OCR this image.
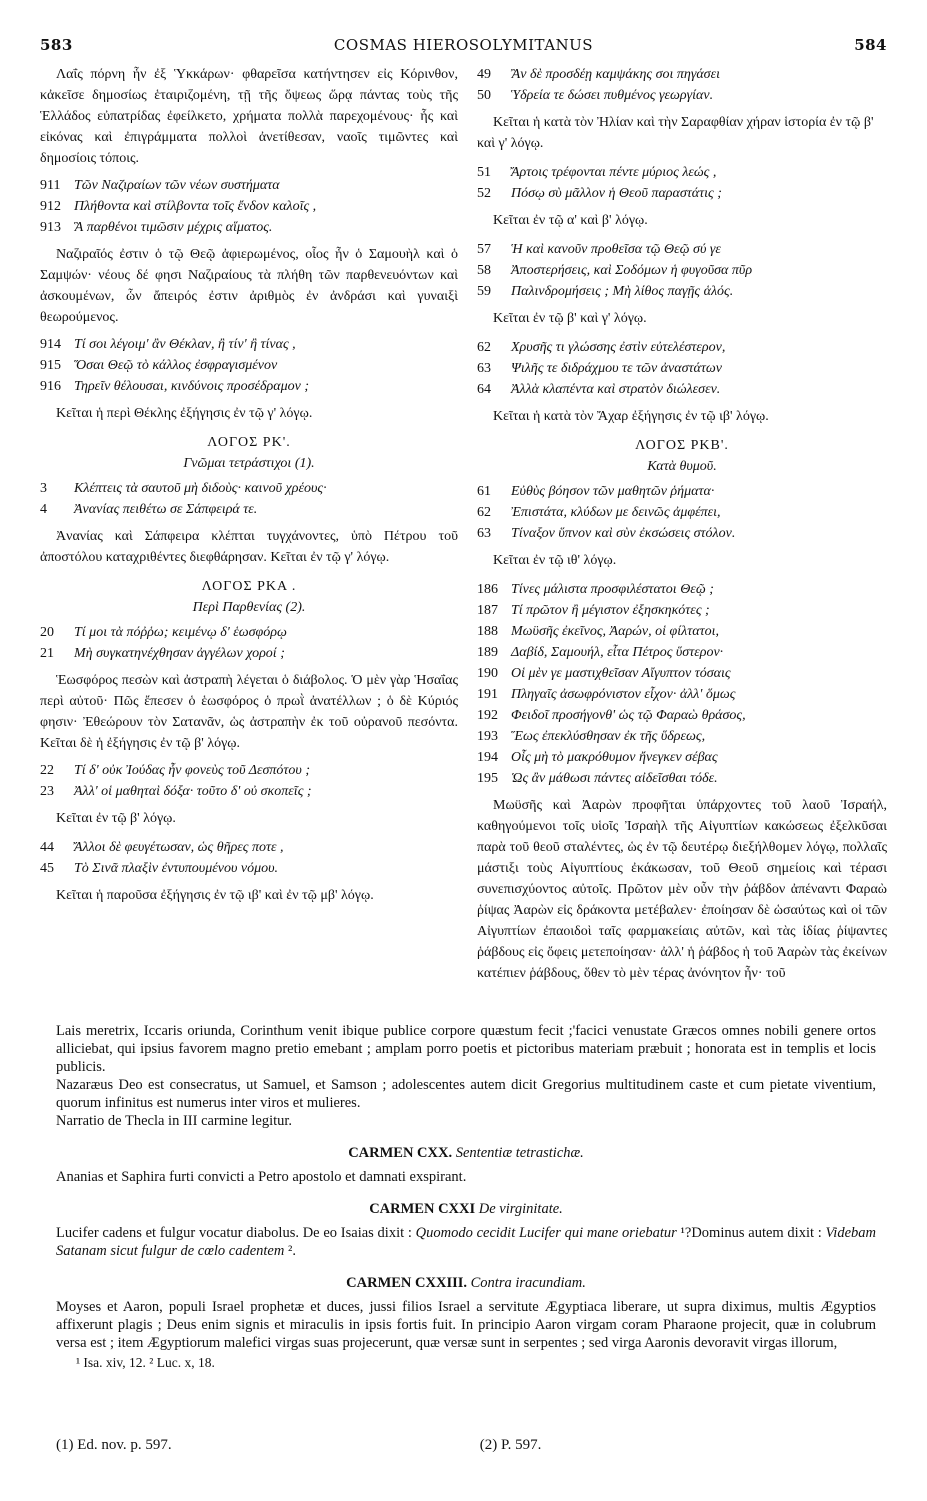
583	COSMAS HIEROSOLYMITANUS	584

Λαΐς πόρνη ἦν ἐξ Ὑκκάρων· φθαρεῖσα κατήντησεν εἰς Κόρινθον, κἀκεῖσε δημοσίως ἑταιριζομένη, τῇ τῆς ὄψεως ὥρᾳ πάντας τοὺς τῆς Ἑλλάδος εὐπατρίδας ἐφείλκετο, χρήματα πολλὰ παρεχομένους· ἧς καὶ εἰκόνας καὶ ἐπιγράμματα πολλοὶ ἀνετίθεσαν, ναοῖς τιμῶντες καὶ δημοσίοις τόποις.

911 Τῶν Ναζιραίων τῶν νέων συστήματα
912 Πλήθοντα καὶ στίλβοντα τοῖς ἔνδον καλοῖς ,
913 Ἃ παρθένοι τιμῶσιν μέχρις αἵματος.

Ναζιραῖός ἐστιν ὁ τῷ Θεῷ ἀφιερωμένος, οἷος ἦν ὁ Σαμουὴλ καὶ ὁ Σαμψών· νέους δέ φησι Ναζιραίους τὰ πλήθη τῶν παρθενευόντων καὶ ἀσκουμένων, ὧν ἄπειρός ἐστιν ἀριθμὸς ἐν ἀνδράσι καὶ γυναιξὶ θεωρούμενος.

914 Τί σοι λέγοιμ' ἂν Θέκλαν, ἢ τίν' ἢ τίνας ,
915 Ὅσαι Θεῷ τὸ κάλλος ἐσφραγισμένον
916 Τηρεῖν θέλουσαι, κινδύνοις προσέδραμον ;

Κεῖται ἡ περὶ Θέκλης ἐξήγησις ἐν τῷ γ' λόγῳ.

ΛΟΓΟΣ ΡΚ'.
Γνῶμαι τετράστιχοι (1).
3 Κλέπτεις τὰ σαυτοῦ μὴ διδοὺς· καινοῦ χρέους·
4 Ἀνανίας πειθέτω σε Σάπφειρά τε.

Ἀνανίας καὶ Σάπφειρα κλέπται τυγχάνοντες, ὑπὸ Πέτρου τοῦ ἀποστόλου καταχριθέντες διεφθάρησαν. Κεῖται ἐν τῷ γ' λόγῳ.

ΛΟΓΟΣ ΡΚΑ .
Περὶ Παρθενίας (2).
20 Τί μοι τὰ πόῤῥω; κειμένῳ δ' ἑωσφόρῳ
21 Μὴ συγκατηνέχθησαν ἀγγέλων χοροί ;

Ἑωσφόρος πεσὼν καὶ ἀστραπὴ λέγεται ὁ διάβολος. Ὁ μὲν γὰρ Ἡσαΐας περὶ αὐτοῦ· Πῶς ἔπεσεν ὁ ἑωσφόρος ὁ πρωῒ ἀνατέλλων ; ὁ δὲ Κύριός φησιν· Ἐθεώρουν τὸν Σατανᾶν, ὡς ἀστραπὴν ἐκ τοῦ οὐρανοῦ πεσόντα. Κεῖται δὲ ἡ ἐξήγησις ἐν τῷ β' λόγῳ.

22 Τί δ' οὐκ Ἰούδας ἦν φονεὺς τοῦ Δεσπότου ;
23 Ἀλλ' οἱ μαθηταὶ δόξα· τοῦτο δ' οὐ σκοπεῖς ;

Κεῖται ἐν τῷ β' λόγῳ.

44 Ἄλλοι δὲ φευγέτωσαν, ὡς θῆρες ποτε ,
45 Τὸ Σινᾶ πλαξὶν ἐντυπουμένου νόμου.

Κεῖται ἡ παροῦσα ἐξήγησις ἐν τῷ ιβ' καὶ ἐν τῷ μβ' λόγῳ.

49 Ἂν δὲ προσδέῃ καμψάκης σοι πηγάσει
50 Ὑδρεία τε δώσει πυθμένος γεωργίαν.

Κεῖται ἡ κατὰ τὸν Ἠλίαν καὶ τὴν Σαραφθίαν χήραν ἱστορία ἐν τῷ β' καὶ γ' λόγῳ.

51 Ἄρτοις τρέφονται πέντε μύριος λεώς ,
52 Πόσῳ σὺ μᾶλλον ἡ Θεοῦ παραστάτις ;

Κεῖται ἐν τῷ α' καὶ β' λόγῳ.

57 Ἡ καὶ κανοῦν προθεῖσα τῷ Θεῷ σύ γε
58 Ἀποστερήσεις, καὶ Σοδόμων ἡ φυγοῦσα πῦρ
59 Παλινδρομήσεις ; Μὴ λίθος παγῇς ἁλός.

Κεῖται ἐν τῷ β' καὶ γ' λόγῳ.

62 Χρυσῆς τι γλώσσης ἐστὶν εὐτελέστερον,
63 Ψιλῆς τε διδράχμου τε τῶν ἀναστάτων
64 Ἀλλὰ κλαπέντα καὶ στρατὸν διώλεσεν.

Κεῖται ἡ κατὰ τὸν Ἄχαρ ἐξήγησις ἐν τῷ ιβ' λόγῳ.

ΛΟΓΟΣ ΡΚΒ'.
Κατὰ θυμοῦ.
61 Εὐθὺς βόησον τῶν μαθητῶν ῥήματα·
62 Ἐπιστάτα, κλύδων με δεινῶς ἀμφέπει,
63 Τίναξον ὕπνον καὶ σὺν ἐκσώσεις στόλον.

Κεῖται ἐν τῷ ιθ' λόγῳ.

186 Τίνες μάλιστα προσφιλέστατοι Θεῷ ;
187 Τί πρῶτον ἢ μέγιστον ἐξησκηκότες ;
188 Μωϋσῆς ἐκεῖνος, Ἀαρών, οἱ φίλτατοι,
189 Δαβίδ, Σαμουήλ, εἶτα Πέτρος ὕστερον·
190 Οἱ μὲν γε μαστιχθεῖσαν Αἴγυπτον τόσαις
191 Πληγαῖς ἀσωφρόνιστον εἶχον· ἀλλ' ὅμως
192 Φειδοῖ προσήγονθ' ὡς τῷ Φαραὼ θράσος,
193 Ἕως ἐπεκλύσθησαν ἐκ τῆς ὕδρεως,
194 Οἷς μὴ τὸ μακρόθυμον ἤνεγκεν σέβας
195 Ὡς ἂν μάθωσι πάντες αἰδεῖσθαι τόδε.

Μωϋσῆς καὶ Ἀαρὼν προφῆται ὑπάρχοντες τοῦ λαοῦ Ἰσραήλ, καθηγούμενοι τοῖς υἱοῖς Ἰσραὴλ τῆς Αἰγυπτίων κακώσεως ἐξελκῦσαι παρὰ τοῦ θεοῦ σταλέντες, ὡς ἐν τῷ δευτέρῳ διεξήλθομεν λόγῳ, πολλαῖς μάστιξι τοὺς Αἰγυπτίους ἐκάκωσαν, τοῦ Θεοῦ σημείοις καὶ τέρασι συνεπισχύοντος αὐτοῖς. Πρῶτον μὲν οὖν τὴν ῥάβδον ἀπέναντι Φαραὼ ῥίψας Ἀαρὼν εἰς δράκοντα μετέβαλεν· ἐποίησαν δὲ ὡσαύτως καὶ οἱ τῶν Αἰγυπτίων ἐπαοιδοὶ ταῖς φαρμακείαις αὐτῶν, καὶ τὰς ἰδίας ῥίψαντες ῥάβδους εἰς ὄφεις μετεποίησαν· ἀλλ' ἡ ῥάβδος ἡ τοῦ Ἀαρὼν τὰς ἐκείνων κατέπιεν ῥάβδους, ὅθεν τὸ μὲν τέρας ἀνόνητον ἦν· τοῦ

Lais meretrix, Iccaris oriunda, Corinthum venit ibique publice corpore quæstum fecit ;'facici venustate Græcos omnes nobili genere ortos alliciebat, qui ipsius favorem magno pretio emebant ; amplam porro poetis et pictoribus materiam præbuit ; honorata est in templis et locis publicis.

Nazaræus Deo est consecratus, ut Samuel, et Samson ; adolescentes autem dicit Gregorius multitudinem caste et cum pietate viventium, quorum infinitus est numerus inter viros et mulieres.

Narratio de Thecla in III carmine legitur.

CARMEN CXX. Sententiæ tetrastichæ.

Ananias et Saphira furti convicti a Petro apostolo et damnati exspirant.

CARMEN CXXI De virginitate.

Lucifer cadens et fulgur vocatur diabolus. De eo Isaias dixit : Quomodo cecidit Lucifer qui mane oriebatur ¹?Dominus autem dixit : Videbam Satanam sicut fulgur de cœlo cadentem ².

CARMEN CXXIII. Contra iracundiam.

Moyses et Aaron, populi Israel prophetæ et duces, jussi filios Israel a servitute Ægyptiaca liberare, ut supra diximus, multis Ægyptios affixerunt plagis ; Deus enim signis et miraculis in ipsis fortis fuit. In principio Aaron virgam coram Pharaone projecit, quæ in colubrum versa est ; item Ægyptiorum malefici virgas suas projecerunt, quæ versæ sunt in serpentes ; sed virga Aaronis devoravit virgas illorum,

¹ Isa. xiv, 12. ² Luc. x, 18.
(1) Ed. nov. p. 597.	(2) P. 597.
